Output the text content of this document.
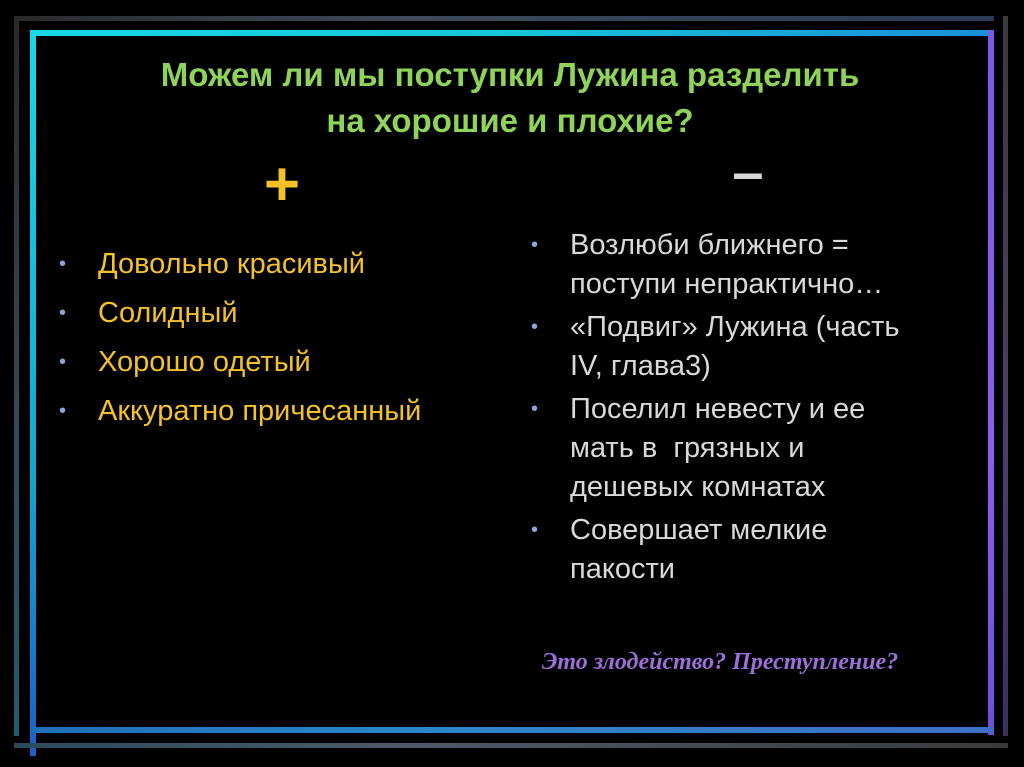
Можем ли мы поступки Лужина разделить
на хорошие и плохие?
+	–
• Довольно красивый
• Солидный
• Хорошо одетый
• Аккуратно причесанный
• Возлюби ближнего =
поступи непрактично…
• «Подвиг» Лужина (часть
IV, глава3)
• Поселил невесту и ее
мать в  грязных и
дешевых комнатах
• Совершает мелкие
пакости
Это злодейство? Преступление?
